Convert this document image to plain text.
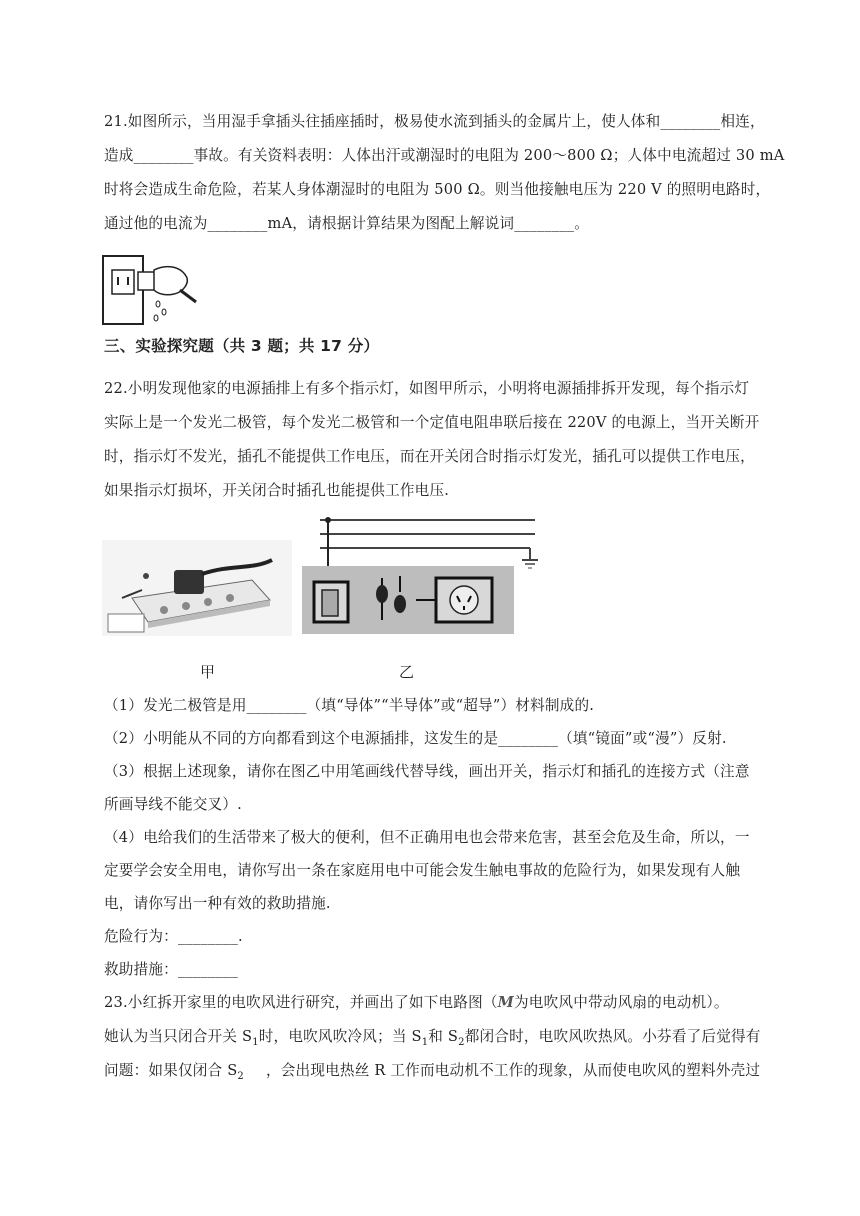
21.如图所示，当用湿手拿插头往插座插时，极易使水流到插头的金属片上，使人体和________相连，
造成________事故。有关资料表明：人体出汗或潮湿时的电阻为 200～800 Ω；人体中电流超过 30 mA
时将会造成生命危险，若某人身体潮湿时的电阻为 500 Ω。则当他接触电压为 220 V 的照明电路时，
通过他的电流为________mA，请根据计算结果为图配上解说词________。
三、实验探究题（共 3 题；共 17 分）
22.小明发现他家的电源插排上有多个指示灯，如图甲所示，小明将电源插排拆开发现，每个指示灯
实际上是一个发光二极管，每个发光二极管和一个定值电阻串联后接在 220V 的电源上，当开关断开
时，指示灯不发光，插孔不能提供工作电压，而在开关闭合时指示灯发光，插孔可以提供工作电压，
如果指示灯损坏，开关闭合时插孔也能提供工作电压.
甲	乙
（1）发光二极管是用________（填“导体”“半导体”或“超导”）材料制成的.
（2）小明能从不同的方向都看到这个电源插排，这发生的是________（填“镜面”或“漫”）反射.
（3）根据上述现象，请你在图乙中用笔画线代替导线，画出开关，指示灯和插孔的连接方式（注意
所画导线不能交叉）.
（4）电给我们的生活带来了极大的便利，但不正确用电也会带来危害，甚至会危及生命，所以，一
定要学会安全用电，请你写出一条在家庭用电中可能会发生触电事故的危险行为，如果发现有人触
电，请你写出一种有效的救助措施.
危险行为：________.
救助措施：________
23.小红拆开家里的电吹风进行研究，并画出了如下电路图（M为电吹风中带动风扇的电动机）。
她认为当只闭合开关 $S_1$时，电吹风吹冷风；当 $S_1$和 $S_2$都闭合时，电吹风吹热风。小芬看了后觉得有
问题：如果仅闭合 $S_2$ ，会出现电热丝 R 工作而电动机不工作的现象，从而使电吹风的塑料外壳过
